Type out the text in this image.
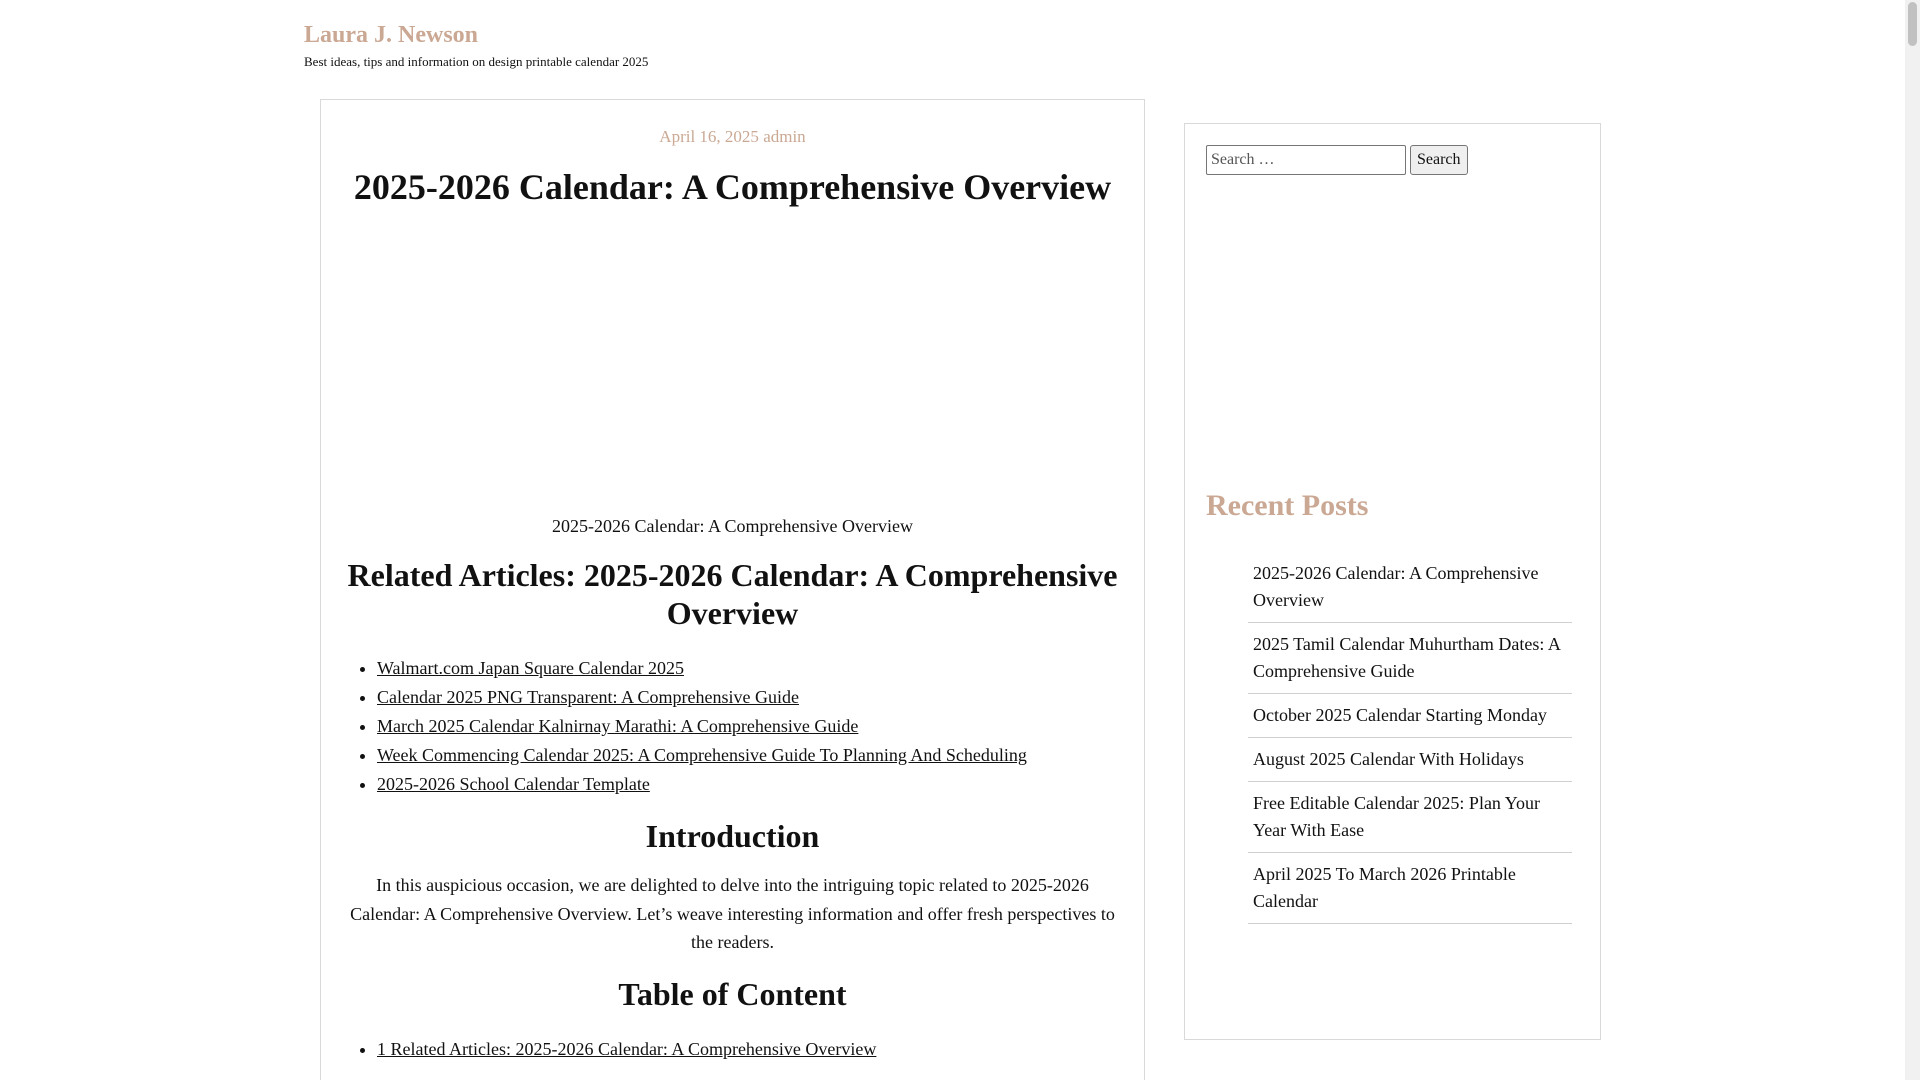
Laura J. Newson
Best ideas, tips and information on design printable calendar 2025
April 16, 2025 admin
2025-2026 Calendar: A Comprehensive Overview
2025-2026 Calendar: A Comprehensive Overview
Related Articles: 2025-2026 Calendar: A Comprehensive Overview
• Walmart.com Japan Square Calendar 2025
• Calendar 2025 PNG Transparent: A Comprehensive Guide
• March 2025 Calendar Kalnirnay Marathi: A Comprehensive Guide
• Week Commencing Calendar 2025: A Comprehensive Guide To Planning And Scheduling
• 2025-2026 School Calendar Template
Introduction

In this auspicious occasion, we are delighted to delve into the intriguing topic related to 2025-2026 Calendar: A Comprehensive Overview. Let’s weave interesting information and offer fresh perspectives to the readers.

Table of Content
• 1 Related Articles: 2025-2026 Calendar: A Comprehensive Overview
Search …
Search
Recent Posts
2025-2026 Calendar: A Comprehensive Overview
2025 Tamil Calendar Muhurtham Dates: A Comprehensive Guide
October 2025 Calendar Starting Monday
August 2025 Calendar With Holidays
Free Editable Calendar 2025: Plan Your Year With Ease
April 2025 To March 2026 Printable Calendar
